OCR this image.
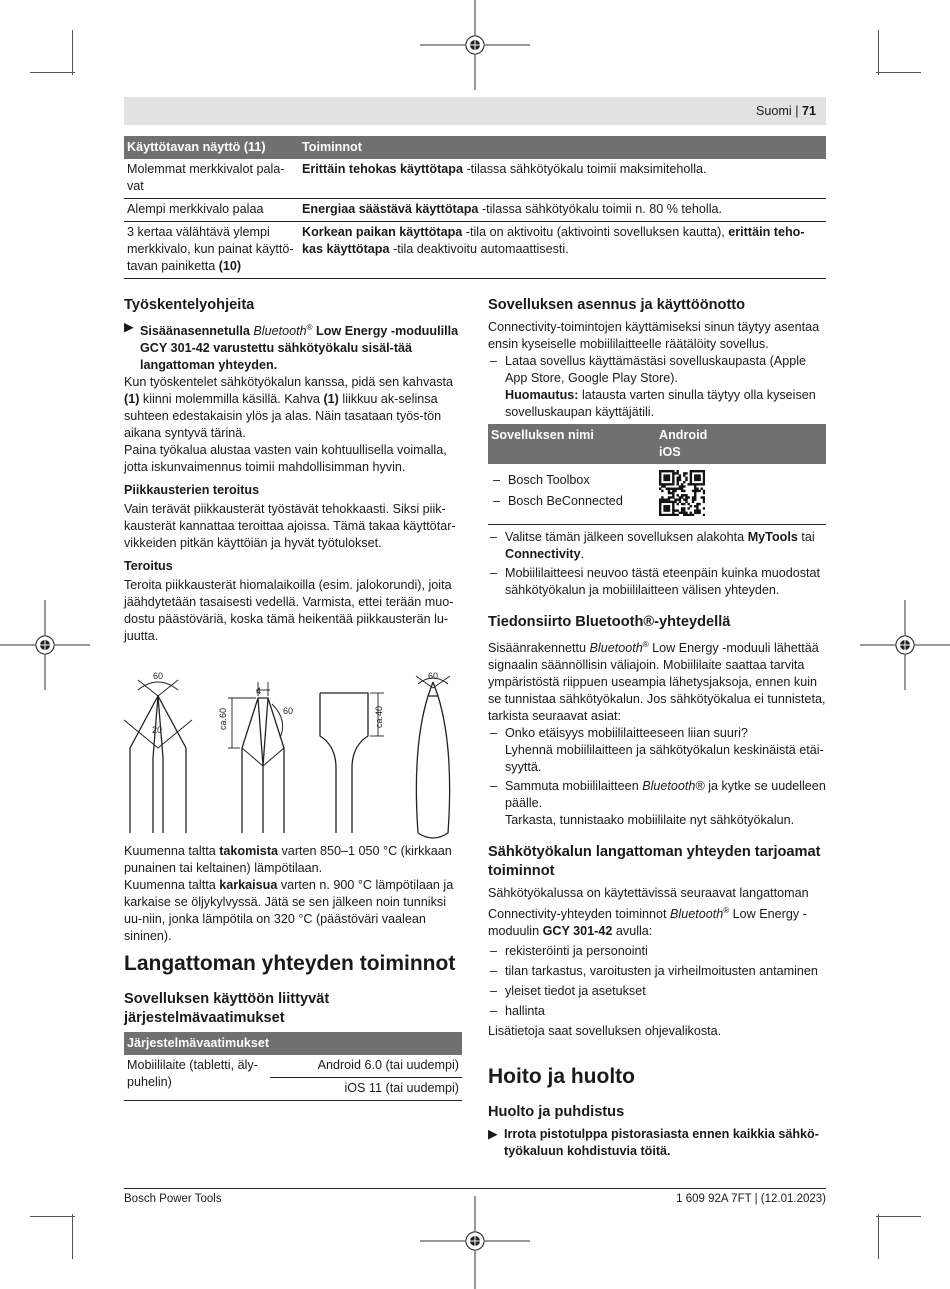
Suomi | 71
Käyttötavan näyttö (11)	Toiminnot
Molemmat merkkivalot pala-vat	Erittäin tehokas käyttötapa -tilassa sähkötyökalu toimii maksimiteholla.
Alempi merkkivalo palaa	Energiaa säästävä käyttötapa -tilassa sähkötyökalu toimii n. 80 % teholla.
3 kertaa välähtävä ylempi merkkivalo, kun painat käyttö-tavan painiketta (10)	Korkean paikan käyttötapa -tila on aktivoitu (aktivointi sovelluksen kautta), erittäin teho-kas käyttötapa -tila deaktivoitu automaattisesti.
Työskentelyohjeita
▶ Sisäänasennetulla Bluetooth® Low Energy -moduulilla GCY 301-42 varustettu sähkötyökalu sisäl-tää langattoman yhteyden.

Kun työskentelet sähkötyökalun kanssa, pidä sen kahvasta (1) kiinni molemmilla käsillä. Kahva (1) liikkuu ak-selinsa suhteen edestakaisin ylös ja alas. Näin tasataan työs-tön aikana syntyvä tärinä.

Paina työkalua alustaa vasten vain kohtuullisella voimalla, jotta iskunvaimennus toimii mahdollisimman hyvin.

Piikkausterien teroitus

Vain terävät piikkausterät työstävät tehokkaasti. Siksi piik-kausterät kannattaa teroittaa ajoissa. Tämä takaa käyttötar-vikkeiden pitkän käyttöiän ja hyvät työtulokset.

Teroitus

Teroita piikkausterät hiomalaikoilla (esim. jalokorundi), joita jäähdytetään tasaisesti vedellä. Varmista, ettei terään muo-dostu päästöväriä, koska tämä heikentää piikkausterän lu-juutta.

60
20
4
ca.60	60	ca.40
60

Kuumenna taltta takomista varten 850–1 050 °C (kirkkaan punainen tai keltainen) lämpötilaan.

Kuumenna taltta karkaisua varten n. 900 °C lämpötilaan ja karkaise se öljykylvyssä. Jätä se sen jälkeen noin tunniksi uu-niin, jonka lämpötila on 320 °C (päästöväri vaalean sininen).

Langattoman yhteyden toiminnot
Sovelluksen käyttöön liittyvät järjestelmävaatimukset
Järjestelmävaatimukset
Mobiililaite (tabletti, äly-puhelin)	Android 6.0 (tai uudempi)
iOS 11 (tai uudempi)
Sovelluksen asennus ja käyttöönotto

Connectivity-toimintojen käyttämiseksi sinun täytyy asentaa ensin kyseiselle mobiililaitteelle räätälöity sovellus.

– Lataa sovellus käyttämästäsi sovelluskaupasta (Apple App Store, Google Play Store).
Huomautus: latausta varten sinulla täytyy olla kyseisen sovelluskaupan käyttäjätili.
Sovelluksen nimi	Android
iOS

– Bosch Toolbox
– Bosch BeConnected

– Valitse tämän jälkeen sovelluksen alakohta MyTools tai Connectivity.
– Mobiililaitteesi neuvoo tästä eteenpäin kuinka muodostat sähkötyökalun ja mobiililaitteen välisen yhteyden.
Tiedonsiirto Bluetooth®-yhteydellä

Sisäänrakennettu Bluetooth® Low Energy -moduuli lähettää signaalin säännöllisin väliajoin. Mobiililaite saattaa tarvita ympäristöstä riippuen useampia lähetysjaksoja, ennen kuin se tunnistaa sähkötyökalun. Jos sähkötyökalua ei tunnisteta, tarkista seuraavat asiat:

– Onko etäisyys mobiililaitteeseen liian suuri?
Lyhennä mobiililaitteen ja sähkötyökalun keskinäistä etäi-syyttä.
– Sammuta mobiililaitteen Bluetooth® ja kytke se uudelleen päälle.
Tarkasta, tunnistaako mobiililaite nyt sähkötyökalun.
Sähkötyökalun langattoman yhteyden tarjoamat toiminnot

Sähkötyökalussa on käytettävissä seuraavat langattoman Connectivity-yhteyden toiminnot Bluetooth® Low Energy -moduulin GCY 301-42 avulla:

– rekisteröinti ja personointi
– tilan tarkastus, varoitusten ja virheilmoitusten antaminen
– yleiset tiedot ja asetukset
– hallinta

Lisätietoja saat sovelluksen ohjevalikosta.

Hoito ja huolto
Huolto ja puhdistus
▶ Irrota pistotulppa pistorasiasta ennen kaikkia sähkö-työkaluun kohdistuvia töitä.
Bosch Power Tools	1 609 92A 7FT | (12.01.2023)
